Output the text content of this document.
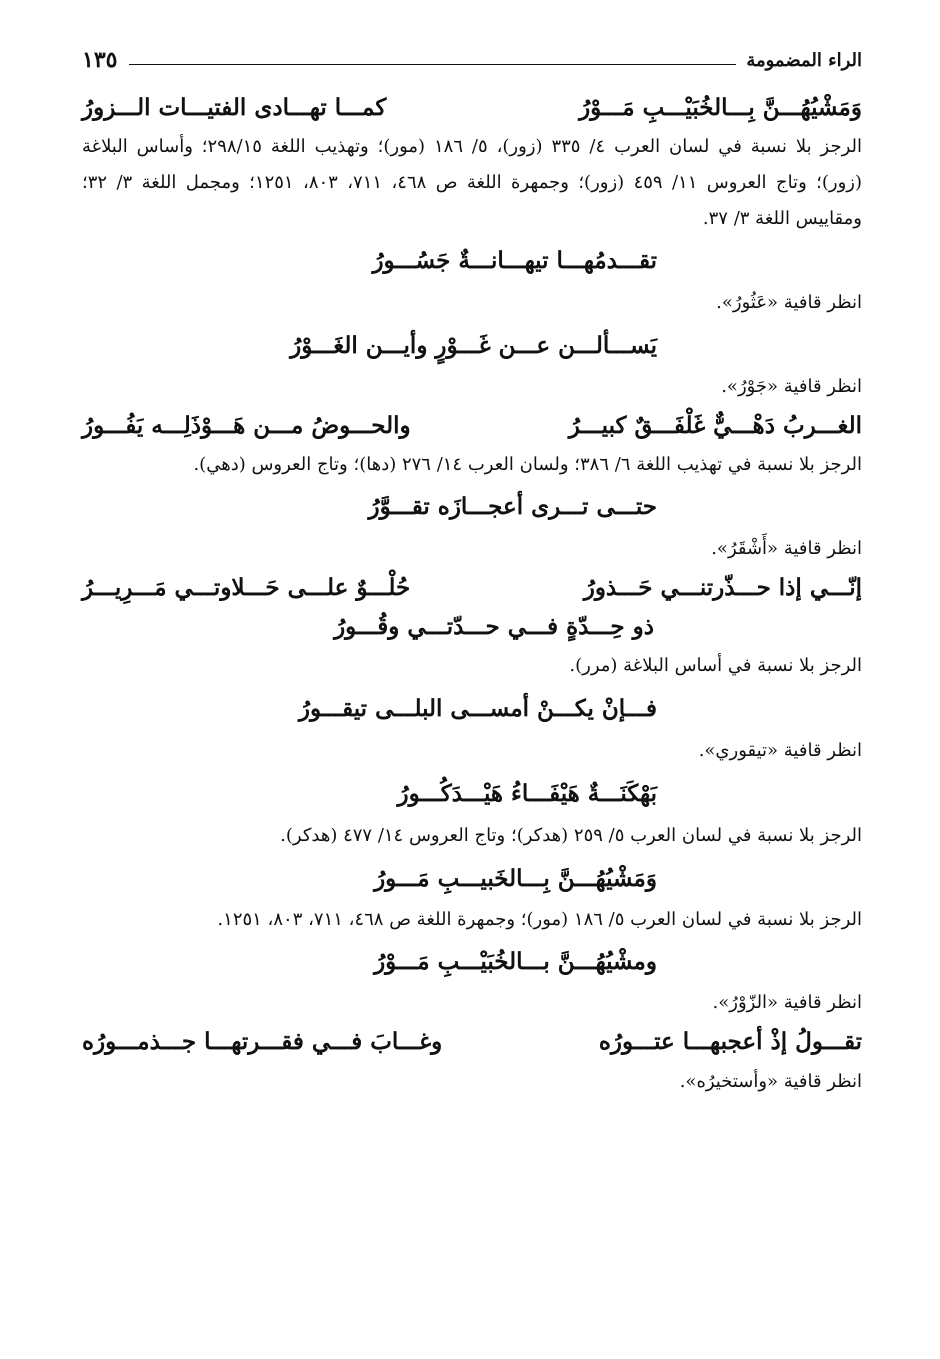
الراء المضمومة
١٣٥
وَمَشْيُهُـــنَّ بِـــالخُبَيْـــبِ مَـــوْرُ
كمـــا تهـــادى الفتيـــات الـــزورُ
الرجز بلا نسبة في لسان العرب ٤/ ٣٣٥ (زور)، ٥/ ١٨٦ (مور)؛ وتهذيب اللغة ٢٩٨/١٥؛ وأساس البلاغة (زور)؛ وتاج العروس ١١/ ٤٥٩ (زور)؛ وجمهرة اللغة ص ٤٦٨، ٧١١، ٨٠٣، ١٢٥١؛ ومجمل اللغة ٣/ ٣٢؛ ومقاييس اللغة ٣/ ٣٧.
تقـــدمُهـــا تيهـــانـــةٌ جَسُـــورُ
انظر قافية «عَثُورُ».
يَســـألـــن عـــن غَـــوْرٍ وأيـــن الغَـــوْرُ
انظر قافية «جَوْرُ».
الغـــربُ دَهْـــيٌّ غَلْفَـــقٌ كبيـــرُ
والحـــوضُ مـــن هَـــوْذَلِـــه يَفُـــورُ
الرجز بلا نسبة في تهذيب اللغة ٦/ ٣٨٦؛ ولسان العرب ١٤/ ٢٧٦ (دها)؛ وتاج العروس (دهي).
حتـــى تـــرى أعجـــازَه تقـــوَّرُ
انظر قافية «أَشْقَرُ».
إنّـــي إذا حـــذّرتنـــي حَـــذورُ
حُلْـــوٌ علـــى حَـــلاوتـــي مَـــرِيـــرُ
ذو حِـــدّةٍ فـــي حـــدّتـــي وقُـــورُ
الرجز بلا نسبة في أساس البلاغة (مرر).
فـــإنْ يكـــنْ أمســـى البلـــى تيقـــورُ
انظر قافية «تيقوري».
بَهْكَنَـــةٌ هَيْفَـــاءُ هَيْـــدَكُـــورُ
الرجز بلا نسبة في لسان العرب ٥/ ٢٥٩ (هدكر)؛ وتاج العروس ١٤/ ٤٧٧ (هدكر).
وَمَشْيُهُـــنَّ بِـــالخَبيـــبِ مَـــورُ
الرجز بلا نسبة في لسان العرب ٥/ ١٨٦ (مور)؛ وجمهرة اللغة ص ٤٦٨، ٧١١، ٨٠٣، ١٢٥١.
ومشْيُهُـــنَّ بـــالخُبَيْـــبِ مَـــوْرُ
انظر قافية «الزّوْرُ».
تقـــولُ إذْ أعجبهـــا عتـــورُه
وغـــابَ فـــي فقـــرتهـــا جـــذمـــورُه
انظر قافية «وأستخيرُه».
